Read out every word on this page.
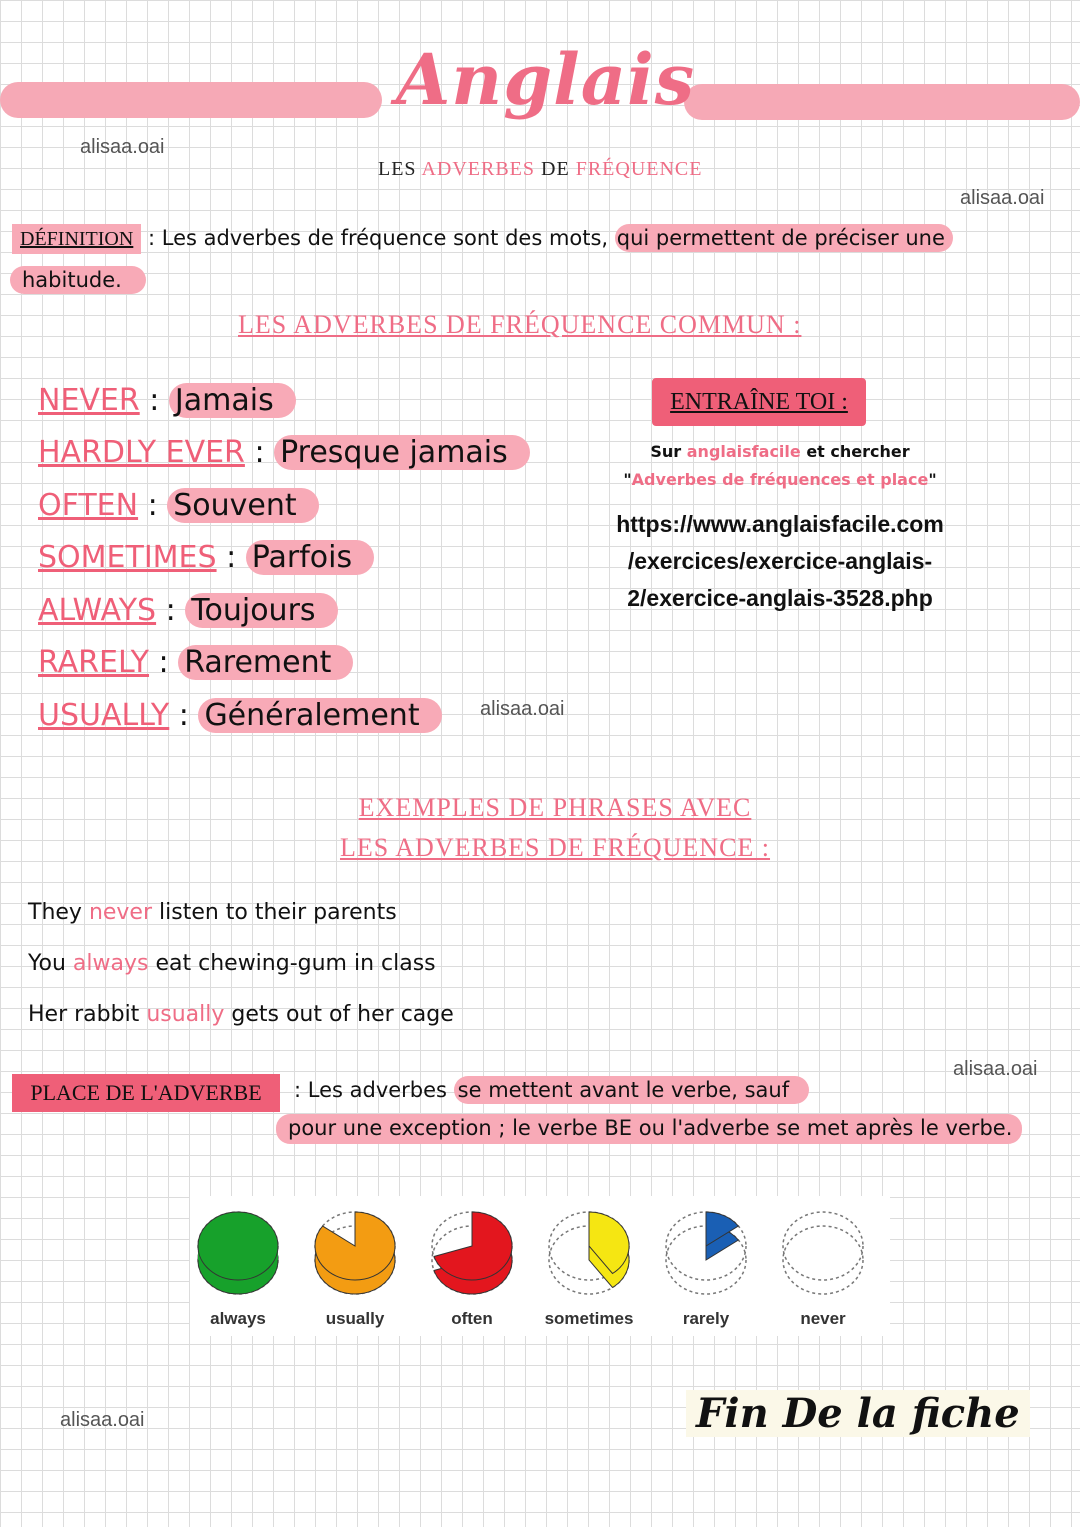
Anglais
LES ADVERBES DE FRÉQUENCE
alisaa.oai
alisaa.oai
alisaa.oai
alisaa.oai
alisaa.oai
DÉFINITION : Les adverbes de fréquence sont des mots, qui permettent de préciser une
habitude.
LES ADVERBES DE FRÉQUENCE COMMUN :
NEVER : Jamais
HARDLY EVER : Presque jamais
OFTEN : Souvent
SOMETIMES : Parfois
ALWAYS : Toujours
RARELY : Rarement
USUALLY : Généralement
ENTRAÎNE TOI :
Sur anglaisfacile et chercher
"Adverbes de fréquences et place"
https://www.anglaisfacile.com
/exercices/exercice-anglais-
2/exercice-anglais-3528.php
EXEMPLES DE PHRASES AVEC
LES ADVERBES DE FRÉQUENCE :
They never listen to their parents
You always eat chewing-gum in class
Her rabbit usually gets out of her cage
PLACE DE L'ADVERBE	: Les adverbes se mettent avant le verbe, sauf
pour une exception ; le verbe BE ou l'adverbe se met après le verbe.
always	usually	often	sometimes	rarely	never
Fin De la fiche
